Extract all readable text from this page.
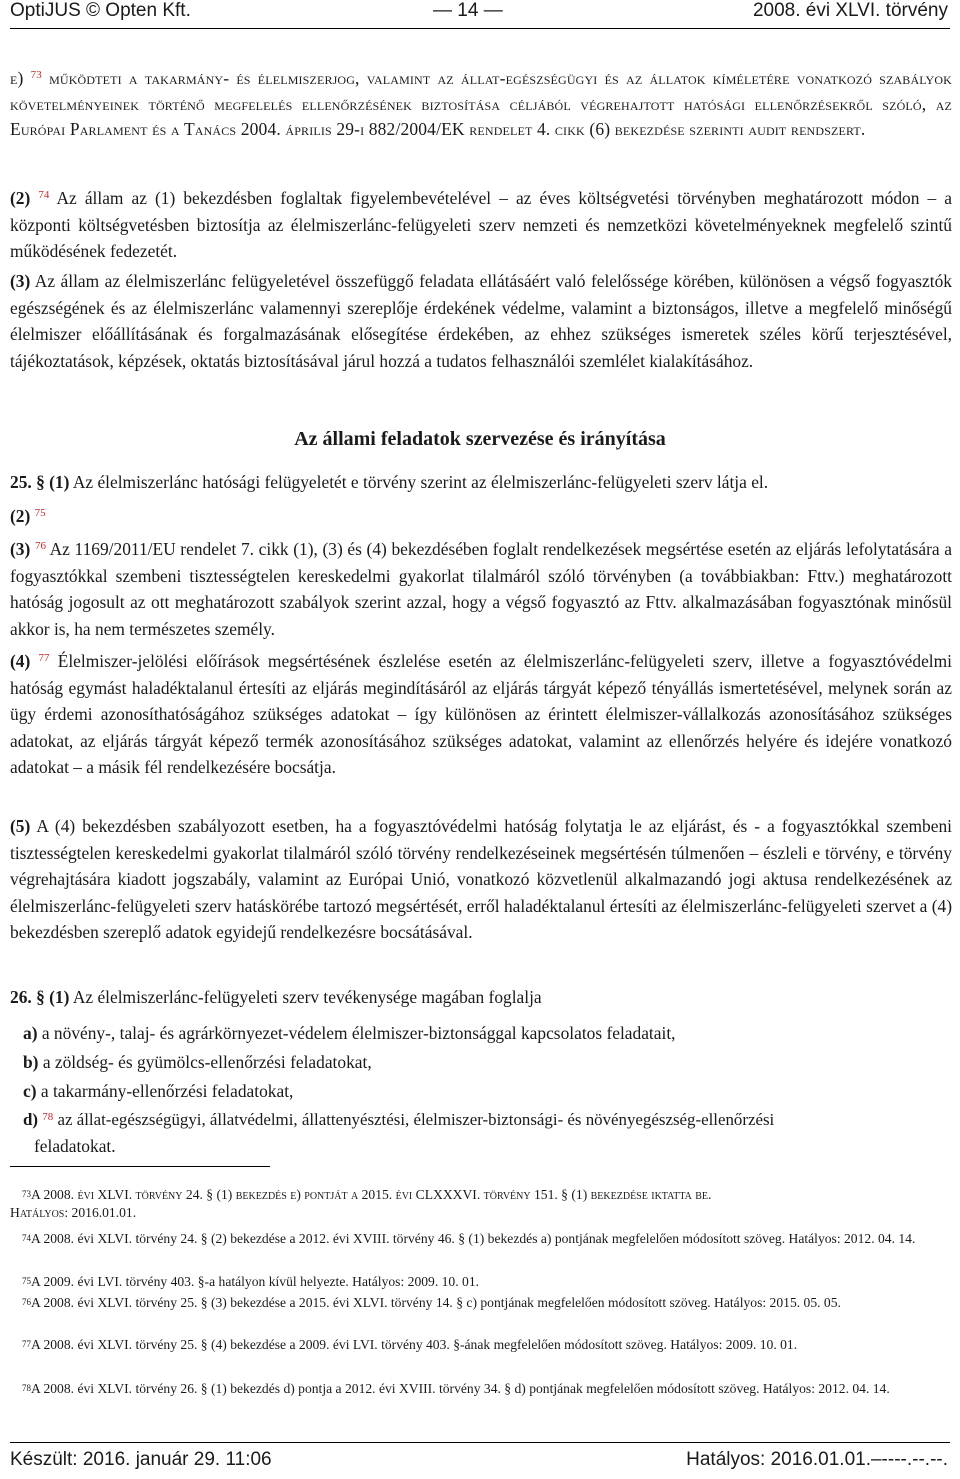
OptiJUS © Opten Kft.	— 14 —	2008. évi XLVI. törvény

e) $^{73}$ működteti a takarmány- és élelmiszerjog, valamint az állat-egészségügyi és az állatok kíméletére vonatkozó szabályok követelményeinek történő megfelelés ellenőrzésének biztosítása céljából végrehajtott hatósági ellenőrzésekről szóló, az Európai Parlament és a Tanács 2004. április 29-i 882/2004/EK rendelet 4. cikk (6) bekezdése szerinti audit rendszert.

(2) $^{74}$ Az állam az (1) bekezdésben foglaltak figyelembevételével – az éves költségvetési törvényben meghatározott módon – a központi költségvetésben biztosítja az élelmiszerlánc-felügyeleti szerv nemzeti és nemzetközi követelményeknek megfelelő szintű működésének fedezetét.

(3) Az állam az élelmiszerlánc felügyeletével összefüggő feladata ellátásáért való felelőssége körében, különösen a végső fogyasztók egészségének és az élelmiszerlánc valamennyi szereplője érdekének védelme, valamint a biztonságos, illetve a megfelelő minőségű élelmiszer előállításának és forgalmazásának elősegítése érdekében, az ehhez szükséges ismeretek széles körű terjesztésével, tájékoztatások, képzések, oktatás biztosításával járul hozzá a tudatos felhasználói szemlélet kialakításához.

Az állami feladatok szervezése és irányítása

25. § (1) Az élelmiszerlánc hatósági felügyeletét e törvény szerint az élelmiszerlánc-felügyeleti szerv látja el.

(2) $^{75}$

(3) $^{76}$ Az 1169/2011/EU rendelet 7. cikk (1), (3) és (4) bekezdésében foglalt rendelkezések megsértése esetén az eljárás lefolytatására a fogyasztókkal szembeni tisztességtelen kereskedelmi gyakorlat tilalmáról szóló törvényben (a továbbiakban: Fttv.) meghatározott hatóság jogosult az ott meghatározott szabályok szerint azzal, hogy a végső fogyasztó az Fttv. alkalmazásában fogyasztónak minősül akkor is, ha nem természetes személy.

(4) $^{77}$ Élelmiszer-jelölési előírások megsértésének észlelése esetén az élelmiszerlánc-felügyeleti szerv, illetve a fogyasztóvédelmi hatóság egymást haladéktalanul értesíti az eljárás megindításáról az eljárás tárgyát képező tényállás ismertetésével, melynek során az ügy érdemi azonosíthatóságához szükséges adatokat – így különösen az érintett élelmiszer-vállalkozás azonosításához szükséges adatokat, az eljárás tárgyát képező termék azonosításához szükséges adatokat, valamint az ellenőrzés helyére és idejére vonatkozó adatokat – a másik fél rendelkezésére bocsátja.

(5) A (4) bekezdésben szabályozott esetben, ha a fogyasztóvédelmi hatóság folytatja le az eljárást, és - a fogyasztókkal szembeni tisztességtelen kereskedelmi gyakorlat tilalmáról szóló törvény rendelkezéseinek megsértésén túlmenően – észleli e törvény, e törvény végrehajtására kiadott jogszabály, valamint az Európai Unió, vonatkozó közvetlenül alkalmazandó jogi aktusa rendelkezésének az élelmiszerlánc-felügyeleti szerv hatáskörébe tartozó megsértését, erről haladéktalanul értesíti az élelmiszerlánc-felügyeleti szervet a (4) bekezdésben szereplő adatok egyidejű rendelkezésre bocsátásával.

26. § (1) Az élelmiszerlánc-felügyeleti szerv tevékenysége magában foglalja

a) a növény-, talaj- és agrárkörnyezet-védelem élelmiszer-biztonsággal kapcsolatos feladatait,
b) a zöldség- és gyümölcs-ellenőrzési feladatokat,
c) a takarmány-ellenőrzési feladatokat,
d) $^{78}$ az állat-egészségügyi, állatvédelmi, állattenyésztési, élelmiszer-biztonsági- és növényegészség-ellenőrzési
feladatokat.

$^{73}$A 2008. évi XLVI. törvény 24. § (1) bekezdés e) pontját a 2015. évi CLXXXVI. törvény 151. § (1) bekezdése iktatta be.
Hatályos: 2016.01.01.

$^{74}$A 2008. évi XLVI. törvény 24. § (2) bekezdése a 2012. évi XVIII. törvény 46. § (1) bekezdés a) pontjának megfelelően módosított szöveg. Hatályos: 2012. 04. 14.

$^{75}$A 2009. évi LVI. törvény 403. §-a hatályon kívül helyezte. Hatályos: 2009. 10. 01.

$^{76}$A 2008. évi XLVI. törvény 25. § (3) bekezdése a 2015. évi XLVI. törvény 14. § c) pontjának megfelelően módosított szöveg. Hatályos: 2015. 05. 05.

$^{77}$A 2008. évi XLVI. törvény 25. § (4) bekezdése a 2009. évi LVI. törvény 403. §-ának megfelelően módosított szöveg. Hatályos: 2009. 10. 01.

$^{78}$A 2008. évi XLVI. törvény 26. § (1) bekezdés d) pontja a 2012. évi XVIII. törvény 34. § d) pontjának megfelelően módosított szöveg. Hatályos: 2012. 04. 14.

Készült: 2016. január 29. 11:06	Hatályos: 2016.01.01.–----.--.--.
